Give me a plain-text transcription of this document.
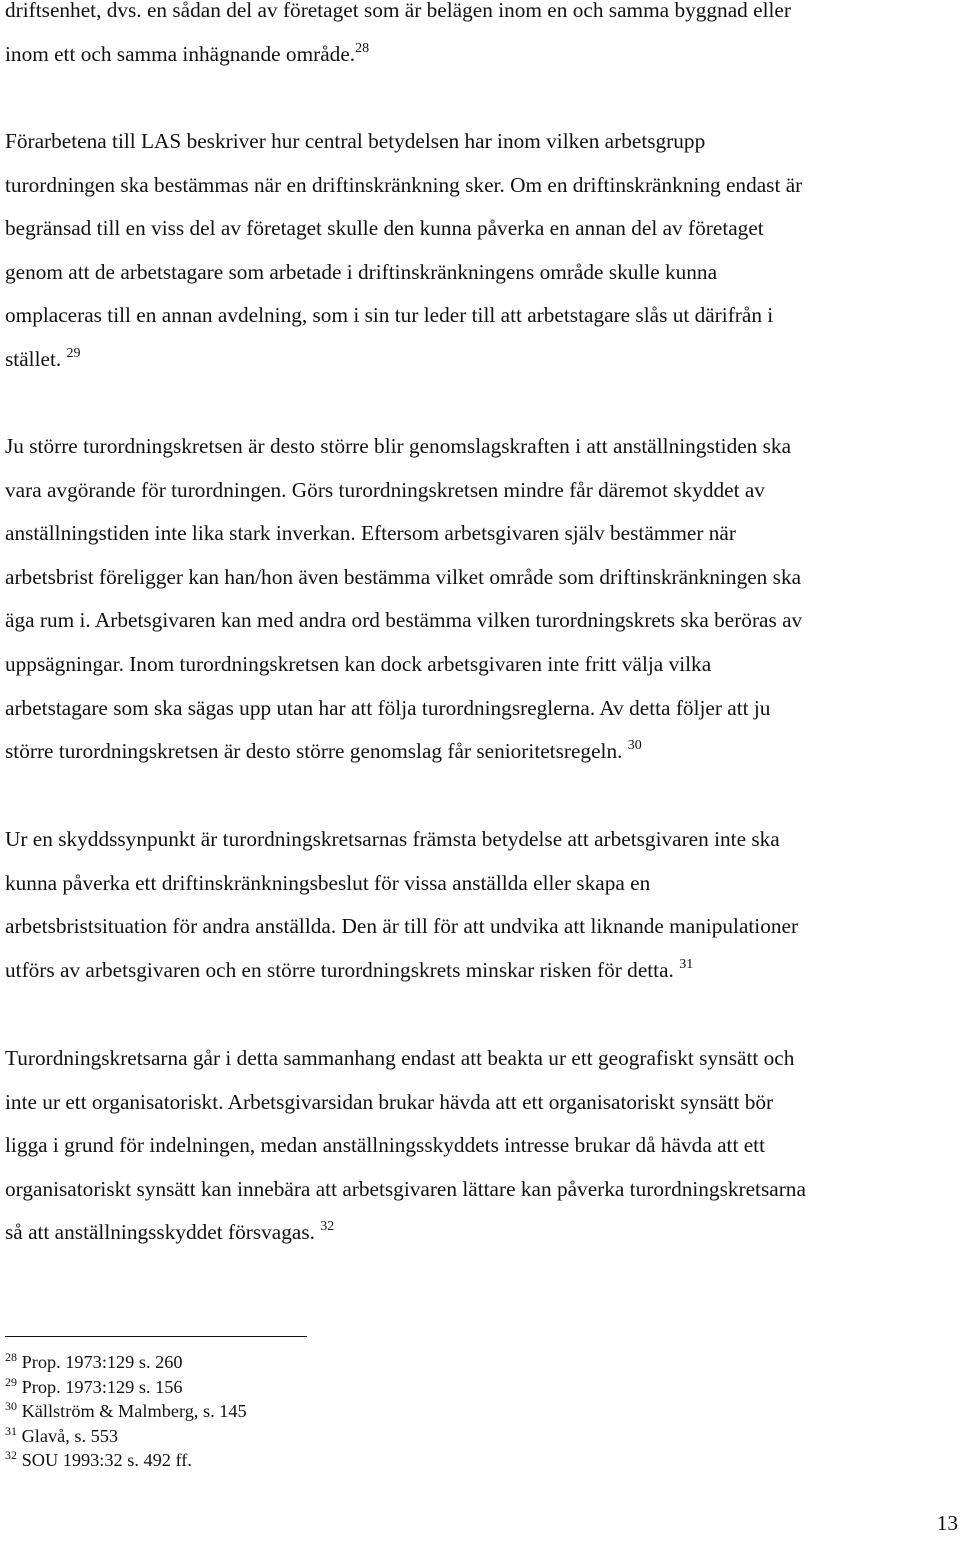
driftsenhet, dvs. en sådan del av företaget som är belägen inom en och samma byggnad eller
inom ett och samma inhägnande område.$^{28}$

Förarbetena till LAS beskriver hur central betydelsen har inom vilken arbetsgrupp
turordningen ska bestämmas när en driftinskränkning sker. Om en driftinskränkning endast är
begränsad till en viss del av företaget skulle den kunna påverka en annan del av företaget
genom att de arbetstagare som arbetade i driftinskränkningens område skulle kunna
omplaceras till en annan avdelning, som i sin tur leder till att arbetstagare slås ut därifrån i
stället. $^{29}$

Ju större turordningskretsen är desto större blir genomslagskraften i att anställningstiden ska
vara avgörande för turordningen. Görs turordningskretsen mindre får däremot skyddet av
anställningstiden inte lika stark inverkan. Eftersom arbetsgivaren själv bestämmer när
arbetsbrist föreligger kan han/hon även bestämma vilket område som driftinskränkningen ska
äga rum i. Arbetsgivaren kan med andra ord bestämma vilken turordningskrets ska beröras av
uppsägningar. Inom turordningskretsen kan dock arbetsgivaren inte fritt välja vilka
arbetstagare som ska sägas upp utan har att följa turordningsreglerna. Av detta följer att ju
större turordningskretsen är desto större genomslag får senioritetsregeln. $^{30}$

Ur en skyddssynpunkt är turordningskretsarnas främsta betydelse att arbetsgivaren inte ska
kunna påverka ett driftinskränkningsbeslut för vissa anställda eller skapa en
arbetsbristsituation för andra anställda. Den är till för att undvika att liknande manipulationer
utförs av arbetsgivaren och en större turordningskrets minskar risken för detta. $^{31}$

Turordningskretsarna går i detta sammanhang endast att beakta ur ett geografiskt synsätt och
inte ur ett organisatoriskt. Arbetsgivarsidan brukar hävda att ett organisatoriskt synsätt bör
ligga i grund för indelningen, medan anställningsskyddets intresse brukar då hävda att ett
organisatoriskt synsätt kan innebära att arbetsgivaren lättare kan påverka turordningskretsarna
så att anställningsskyddet försvagas. $^{32}$

$^{28}$ Prop. 1973:129 s. 260
$^{29}$ Prop. 1973:129 s. 156
$^{30}$ Källström & Malmberg, s. 145
$^{31}$ Glavå, s. 553
$^{32}$ SOU 1993:32 s. 492 ff.
13
